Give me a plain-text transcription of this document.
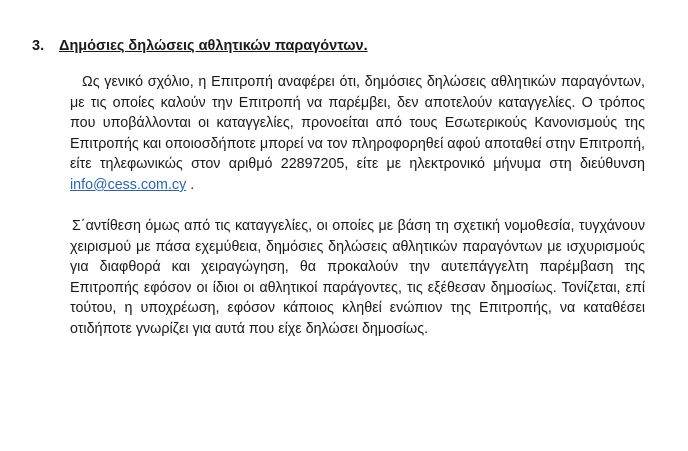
3. Δημόσιες δηλώσεις αθλητικών παραγόντων.

Ως γενικό σχόλιο, η Επιτροπή αναφέρει ότι, δημόσιες δηλώσεις αθλητικών παραγόντων, με τις οποίες καλούν την Επιτροπή να παρέμβει, δεν αποτελούν καταγγελίες. Ο τρόπος που υποβάλλονται οι καταγγελίες, προνοείται από τους Εσωτερικούς Κανονισμούς της Επιτροπής και οποιοσδήποτε μπορεί να τον πληροφορηθεί αφού αποταθεί στην Επιτροπή, είτε τηλεφωνικώς στον αριθμό 22897205, είτε με ηλεκτρονικό μήνυμα στη διεύθυνση info@cess.com.cy .

Σ΄αντίθεση όμως από τις καταγγελίες, οι οποίες με βάση τη σχετική νομοθεσία, τυγχάνουν χειρισμού με πάσα εχεμύθεια, δημόσιες δηλώσεις αθλητικών παραγόντων με ισχυρισμούς για διαφθορά και χειραγώγηση, θα προκαλούν την αυτεπάγγελτη παρέμβαση της Επιτροπής εφόσον οι ίδιοι οι αθλητικοί παράγοντες, τις εξέθεσαν δημοσίως. Τονίζεται, επί τούτου, η υποχρέωση, εφόσον κάποιος κληθεί ενώπιον της Επιτροπής, να καταθέσει οτιδήποτε γνωρίζει για αυτά που είχε δηλώσει δημοσίως.
